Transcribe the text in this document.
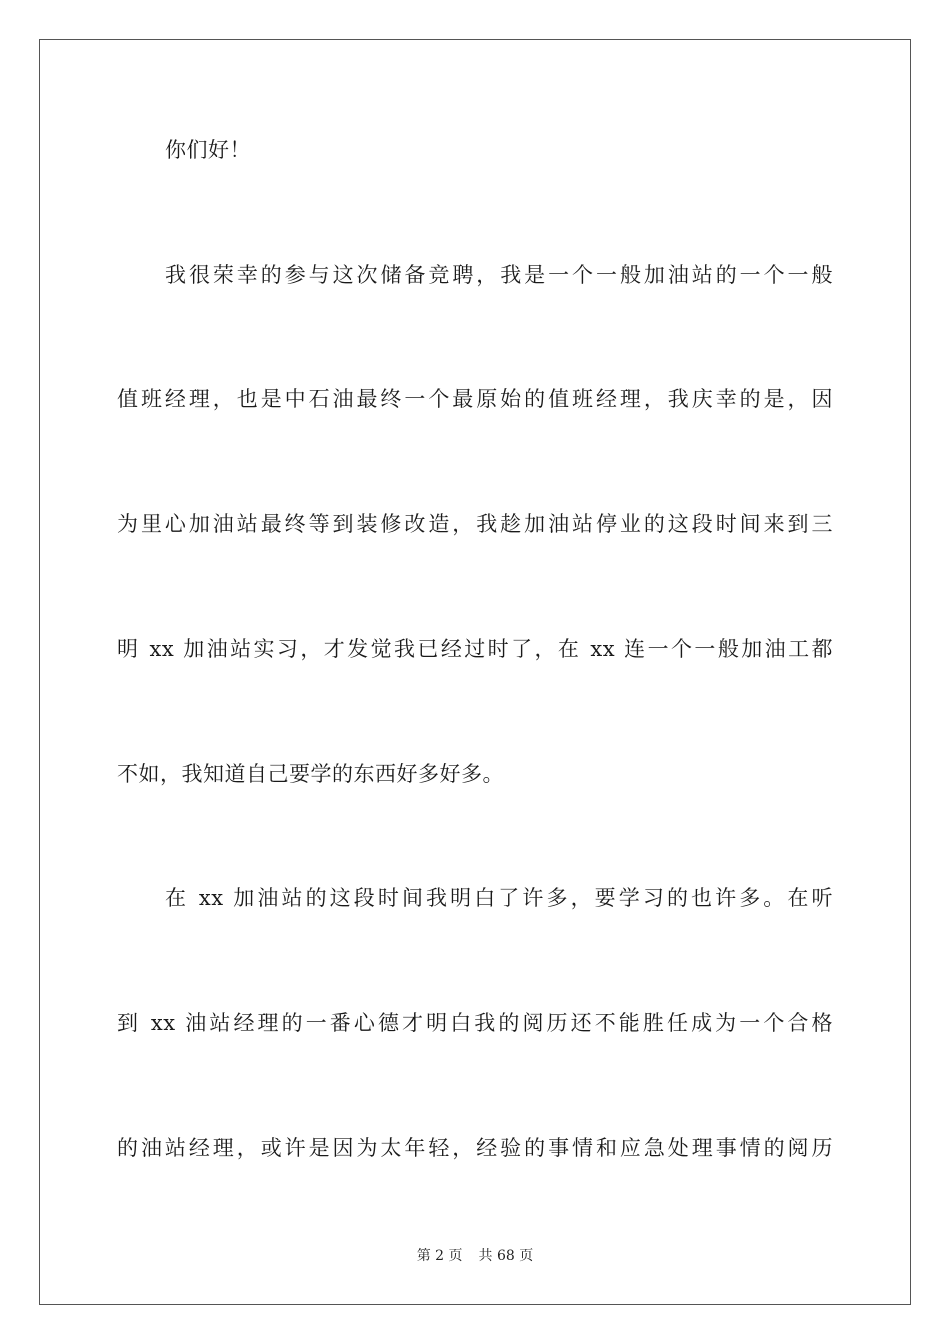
你们好！
我很荣幸的参与这次储备竞聘，我是一个一般加油站的一个一般
值班经理，也是中石油最终一个最原始的值班经理，我庆幸的是，因
为里心加油站最终等到装修改造，我趁加油站停业的这段时间来到三
明 xx 加油站实习，才发觉我已经过时了，在 xx 连一个一般加油工都
不如，我知道自己要学的东西好多好多。
在 xx 加油站的这段时间我明白了许多，要学习的也许多。在听
到 xx 油站经理的一番心德才明白我的阅历还不能胜任成为一个合格
的油站经理，或许是因为太年轻，经验的事情和应急处理事情的阅历
第 2 页 共 68 页
